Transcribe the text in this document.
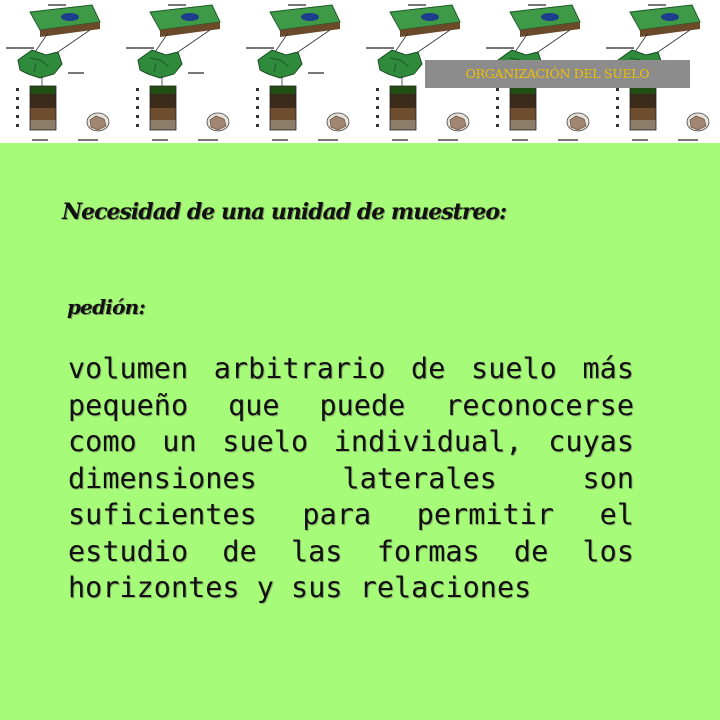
ORGANIZACIÓN DEL SUELO
Necesidad de una unidad de muestreo:
pedión:

volumen arbitrario de suelo más pequeño que puede reconocerse como un suelo individual, cuyas dimensiones laterales son suficientes para permitir el estudio de las formas de los horizontes y sus relaciones
